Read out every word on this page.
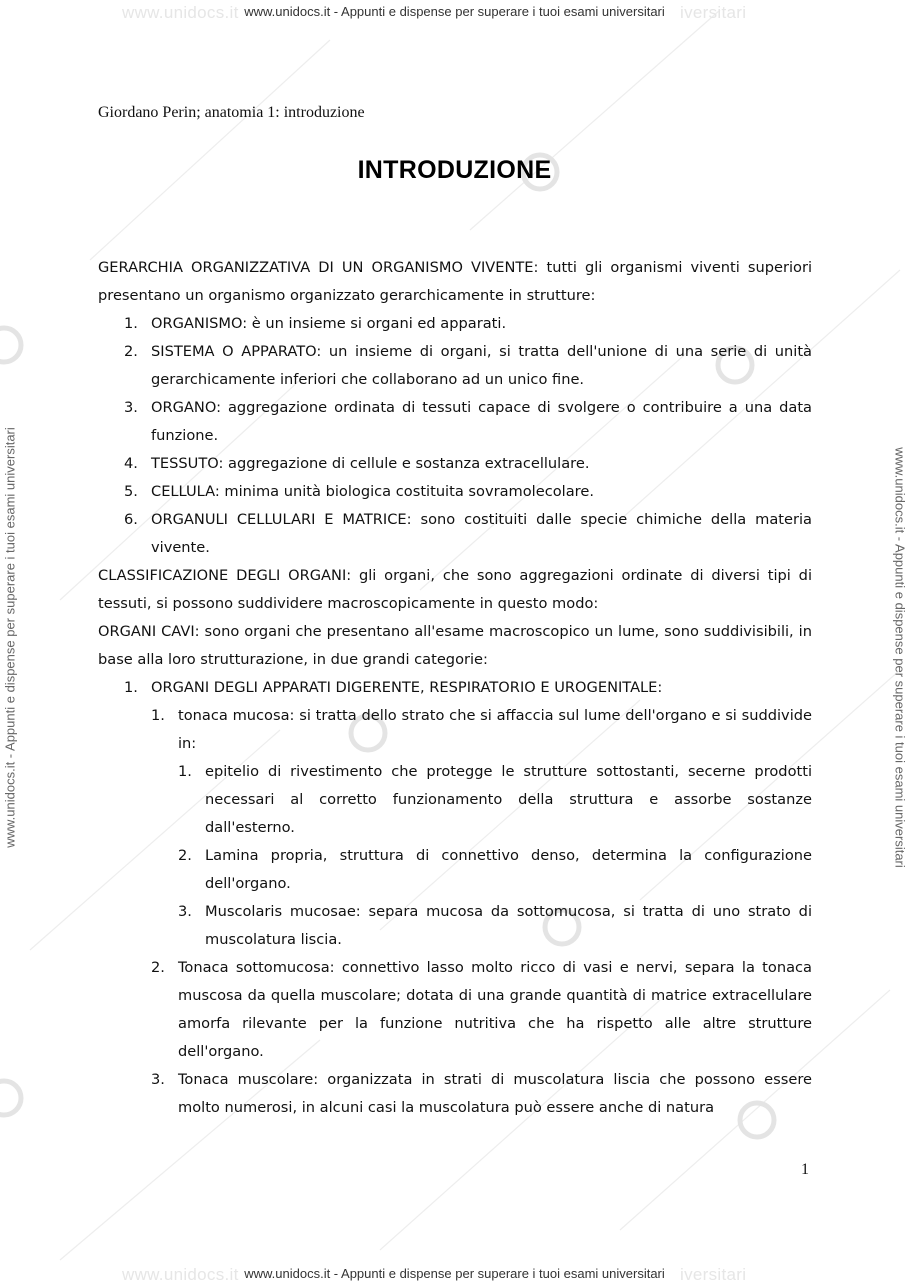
www.unidocs.it	iversitari
www.unidocs.it	iversitari
www.unidocs.it - Appunti e dispense per superare i tuoi esami universitari
www.unidocs.it - Appunti e dispense per superare i tuoi esami universitari
www.unidocs.it - Appunti e dispense per superare i tuoi esami universitari	www.unidocs.it - Appunti e dispense per superare i tuoi esami universitari
Giordano Perin; anatomia 1: introduzione
INTRODUZIONE

GERARCHIA ORGANIZZATIVA DI UN ORGANISMO VIVENTE: tutti gli organismi viventi superiori presentano un organismo organizzato gerarchicamente in strutture:

1. ORGANISMO: è un insieme si organi ed apparati.

2. SISTEMA O APPARATO: un insieme di organi, si tratta dell'unione di una serie di unità gerarchicamente inferiori che collaborano ad un unico fine.

3. ORGANO: aggregazione ordinata di tessuti capace di svolgere o contribuire a una data funzione.

4. TESSUTO: aggregazione di cellule e sostanza extracellulare.

5. CELLULA: minima unità biologica costituita sovramolecolare.

6. ORGANULI CELLULARI E MATRICE: sono costituiti dalle specie chimiche della materia vivente.

CLASSIFICAZIONE DEGLI ORGANI: gli organi, che sono aggregazioni ordinate di diversi tipi di tessuti, si possono suddividere macroscopicamente in questo modo:

ORGANI CAVI: sono organi che presentano all'esame macroscopico un lume, sono suddivisibili, in base alla loro strutturazione, in due grandi categorie:

1. ORGANI DEGLI APPARATI DIGERENTE, RESPIRATORIO E UROGENITALE:

1. tonaca mucosa: si tratta dello strato che si affaccia sul lume dell'organo e si suddivide in:

1. epitelio di rivestimento che protegge le strutture sottostanti, secerne prodotti necessari al corretto funzionamento della struttura e assorbe sostanze dall'esterno.

2. Lamina propria, struttura di connettivo denso, determina la configurazione dell'organo.

3. Muscolaris mucosae: separa mucosa da sottomucosa, si tratta di uno strato di muscolatura liscia.

2. Tonaca sottomucosa: connettivo lasso molto ricco di vasi e nervi, separa la tonaca muscosa da quella muscolare; dotata di una grande quantità di matrice extracellulare amorfa rilevante per la funzione nutritiva che ha rispetto alle altre strutture dell'organo.

3. Tonaca muscolare: organizzata in strati di muscolatura liscia che possono essere molto numerosi, in alcuni casi la muscolatura può essere anche di natura

1
